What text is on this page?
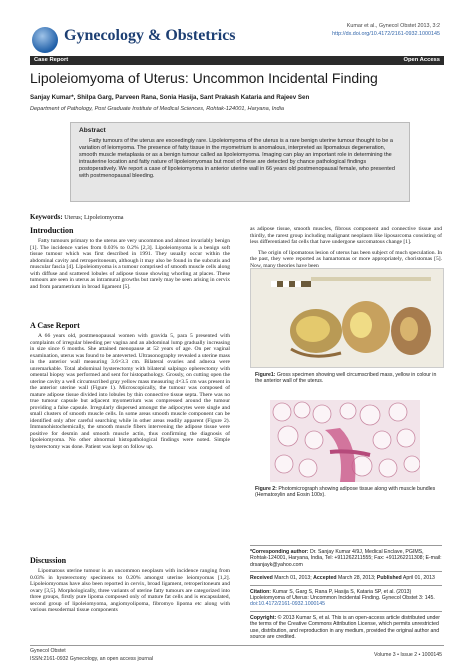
Gynecology & Obstetrics
Kumar et al., Gynecol Obstet 2013, 3:2
http://dx.doi.org/10.4172/2161-0932.1000145
Case Report	Open Access
Lipoleiomyoma of Uterus: Uncommon Incidental Finding
Sanjay Kumar*, Shilpa Garg, Parveen Rana, Sonia Hasija, Sant Prakash Kataria and Rajeev Sen
Department of Pathology, Post Graduate Institute of Medical Sciences, Rohtak-124001, Haryana, India
Abstract

Fatty tumours of the uterus are exceedingly rare. Lipoleiomyoma of the uterus is a rare benign uterine tumour thought to be a variation of leiomyoma. The presence of fatty tissue in the myometrium is anomalous, interpreted as lipomatous degeneration, smooth muscle metaplasia or as a benign tumour called as lipoleiomyoma. Imaging can play an important role in determining the intrauterine location and fatty nature of lipoleiomyomas but most of these are detected by chance pathological findings postoperatively. We report a case of lipoleiomyoma in anterior uterine wall in 66 years old postmenopausal female, who presented with postmenopausal bleeding.

Keywords: Uterus; Lipoleiomyoma
Introduction

Fatty tumours primary to the uterus are very uncommon and almost invariably benign [1]. The incidence varies from 0.03% to 0.2% [2,3]. Lipoleiomyoma is a benign soft tissue tumour which was first described in 1991. They usually occur within the abdominal cavity and retroperitoneum, although it may also be found in the subcutis and muscular fascia [4]. Lipoleiomyoma is a tumour comprised of smooth muscle cells along with diffuse and scattered lobules of adipose tissue showing whorling at places. These tumours are seen in uterus as intramural growths but rarely may be seen arising in cervix and from parametrium in broad ligament [5].

A Case Report

A 66 years old, postmenopausal women with gravida 5, para 5 presented with complaints of irregular bleeding per vagina and an abdominal lump gradually increasing in size since 6 months. She attained menopause at 52 years of age. On per vaginal examination, uterus was found to be anteverted. Ultrasonography revealed a uterine mass in the anterior wall measuring 3.6×3.3 cm. Bilateral ovaries and adnexa were unremarkable. Total abdominal hysterectomy with bilateral salpingo opherectomy with omental biopsy was performed and sent for histopathology. Grossly, on cutting open the uterine cavity a well circumscribed gray yellow mass measuring 4×3.5 cm was present in the anterior uterine wall (Figure 1). Microscopically, the tumour was composed of mature adipose tissue divided into lobules by thin connective tissue septa. There was no true tumour capsule but adjacent myometrium was compressed around the tumour providing a false capsule. Irregularly dispersed amongst the adipocytes were single and small clusters of smooth muscle cells. In some areas smooth muscle component can be identified only after careful searching while in other areas readily apparent (Figure 2). Immunohistochemically, the smooth muscle fibers intervening the adipose tissue were positive for desmin and smooth muscle actin, thus confirming the diagnosis of lipoleiomyoma. No other abnormal histopathological findings were noted. Simple hysterectomy was done. Patient was kept on follow up.

Discussion

Lipomatous uterine tumour is an uncommon neoplasm with incidence ranging from 0.03% in hysterectomy specimens to 0.20% amongst uterine leiomyomas [1,2]. Lipoleiomyomas have also been reported in cervix, broad ligament, retroperitoneum and ovary [3,5]. Morphologically, three variants of uterine fatty tumours are categorized into three groups, firstly pure lipoma composed only of mature fat cells and is encapsulated, second group of lipoleiomyoma, angiomyolipoma, fibromyo lipoma etc along with various mesodermal tissue components

as adipose tissue, smooth muscles, fibrous component and connective tissue and thirdly, the rarest group including malignant neoplasm like liposarcoma consisting of less differentiated fat cells that have undergone sarcomatous change [1].

The origin of lipomatous lesion of uterus has been subject of much speculation. In the past, they were reported as hamartomas or more appropriately, choristomas [5]. Now, many theories have been

Figure1: Gross specimen showing well circumscribed mass, yellow in colour in the anterior wall of the uterus.
Figure 2: Photomicrograph showing adipose tissue along with muscle bundles (Hematoxylin and Eosin 100x).
*Corresponding author: Dr. Sanjay Kumar 4/9J, Medical Enclave, PGIMS, Rohtak-124001, Haryana, India, Tel: +911262211555; Fax: +911262211308; E-mail: drsanjayk@yahoo.com
Received March 01, 2013; Accepted March 28, 2013; Published April 01, 2013
Citation: Kumar S, Garg S, Rana P, Hasija S, Kataria SP, et al. (2013) Lipoleiomyoma of Uterus: Uncommon Incidental Finding. Gynecol Obstet 3: 145. doi:10.4172/2161-0932.1000145
Copyright: © 2013 Kumar S, et al. This is an open-access article distributed under the terms of the Creative Commons Attribution License, which permits unrestricted use, distribution, and reproduction in any medium, provided the original author and source are credited.
Gynecol Obstet
ISSN:2161-0932 Gynecology, an open access journal
Volume 3 • Issue 2 • 1000145
